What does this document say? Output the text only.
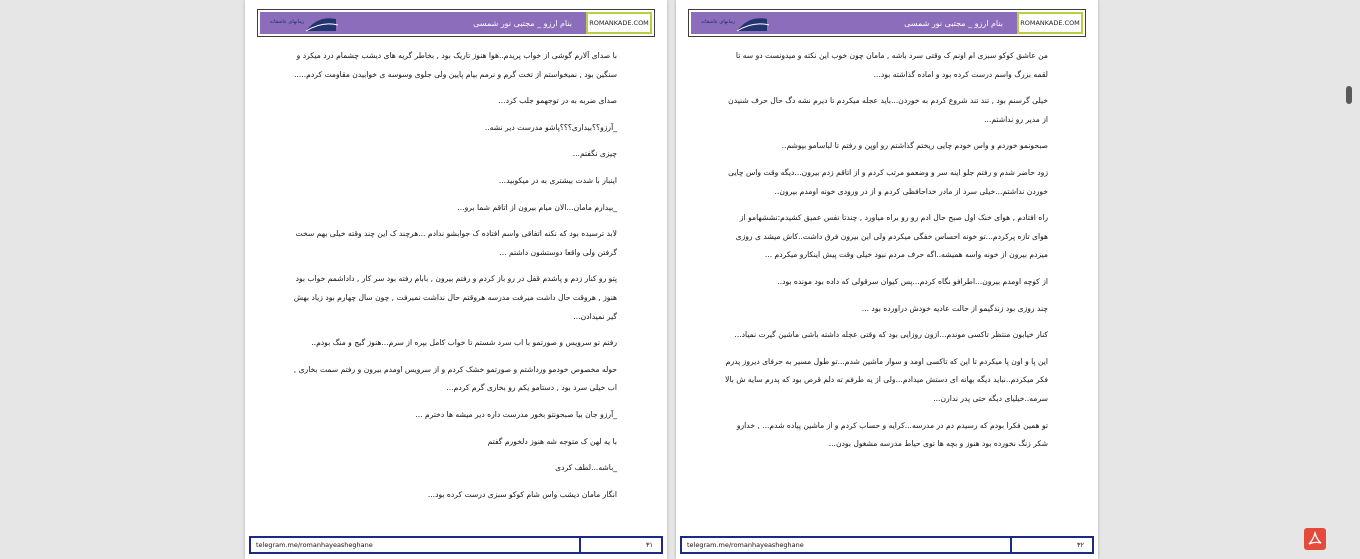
رمانهای عاشقانه	بنام ارزو _ مجتبی نور شمسی	ROMANKADE.COM

با صدای آلارم گوشی از خواب پریدم..هوا هنوز تاریک بود , بخاطر گریه های دیشب چشمام درد میکرد و سنگین بود , نمیخواستم از تخت گرم و نرمم بیام پایین ولی جلوی وسوسه ی خوابیدن مقاومت کردم.....

صدای ضربه به در توجهمو جلب کرد...

_آرزو؟؟بیداری؟؟؟پاشو مدرست دیر نشه..

چیزی نگفتم...

اینبار با شدت بیشتری به در میکوبید...

_بیدارم مامان...الان میام بیرون از اتاقم شما برو...

لابد ترسیده بود که نکنه اتفاقی واسم افتاده ک جوابشو ندادم ...هرچند ک این چند وقته خیلی بهم سخت گرفتن ولی واقعا دوستشون داشتم ...

پتو رو کنار زدم و پاشدم قفل در رو باز کردم و رفتم بیرون , بابام رفته بود سر کار , داداشمم خواب بود هنوز , هروقت حال داشت میرفت مدرسه هروقتم حال نداشت نمیرفت , چون سال چهارم بود زیاد بهش گیر نمیدادن...

رفتم تو سرویس و صورتمو با اب سرد شستم تا خواب کامل بپره از سرم...هنوز گیج و منگ بودم..

حوله مخصوص خودمو ورداشتم و صورتمو خشک کردم و از سرویس اومدم بیرون و رفتم سمت بخاری , اب خیلی سرد بود , دستامو یکم رو بخاری گرم کردم...

_آرزو جان بیا صبحونتو بخور مدرست داره دیر میشه ها دخترم ...

با یه لهن ک متوجه شه هنوز دلخورم گفتم

_باشه...لطف کردی

انگار مامان دیشب واس شام کوکو سبزی درست کرده بود...

telegram.me/romanhayeasheghane	۳۱
رمانهای عاشقانه	بنام ارزو _ مجتبی نور شمسی	ROMANKADE.COM

من عاشق کوکو سبزی ام اونم ک وقتی سرد باشه , مامان چون خوب این نکته و میدونست دو سه تا لقمه بزرگ واسم درست کرده بود و اماده گذاشته بود...

خیلی گرسنم بود , تند تند شروع کردم به خوردن...باید عجله میکردم تا دیرم نشه دگ حال حرف شنیدن از مدیر رو نداشتم...

صبحونمو خوردم و واس خودم چایی ریختم گذاشتم رو اوپن و رفتم تا لباسامو بپوشم..

زود حاضر شدم و رفتم جلو اینه سر و وضعمو مرتب کردم و از اتاقم زدم بیرون...دیگه وقت واس چایی خوردن نداشتم...خیلی سرد از مادر خداحافظی کردم و از در ورودی خونه اومدم بیرون..

راه افتادم , هوای خنک اول صبح حال ادم رو رو براه میاورد , چندتا نفس عمیق کشیدم:نششهامو از هوای تازه پرکردم...تو خونه احساس خفگی میکردم ولی این بیرون فرق داشت..کاش میشد ی روزی میزدم بیرون از خونه واسه همیشه..اگه حرف مردم نبود خیلی وقت پیش اینکارو میکردم ...

از کوچه اومدم بیرون...اطرافو نگاه کردم...پس کیوان سرقولی که داده بود مونده بود..

چند روزی بود زندگیمو از حالت عادیه خودش دراورده بود ...

کنار خیابون منتظر تاکسی موندم...ازون روزایی بود که وقتی عجله داشته باشی ماشین گیرت نمیاد...

این پا و اون پا میکردم تا این که تاکسی اومد و سوار ماشین شدم...تو طول مسیر به حرفای دیروز پدرم فکر میکردم..نباید دیگه بهانه ای دستش میدادم...ولی از یه طرفم ته دلم قرص بود که پدرم سایه ش بالا سرمه..خیلیای دیگه حتی پدر ندارن...

تو همین فکرا بودم که رسیدم دم در مدرسه...کرایه و حساب کردم و از ماشین پیاده شدم... , خدارو شکر زنگ نخورده بود هنوز و بچه ها توی حیاط مدرسه مشغول بودن...

telegram.me/romanhayeasheghane	۳۲
